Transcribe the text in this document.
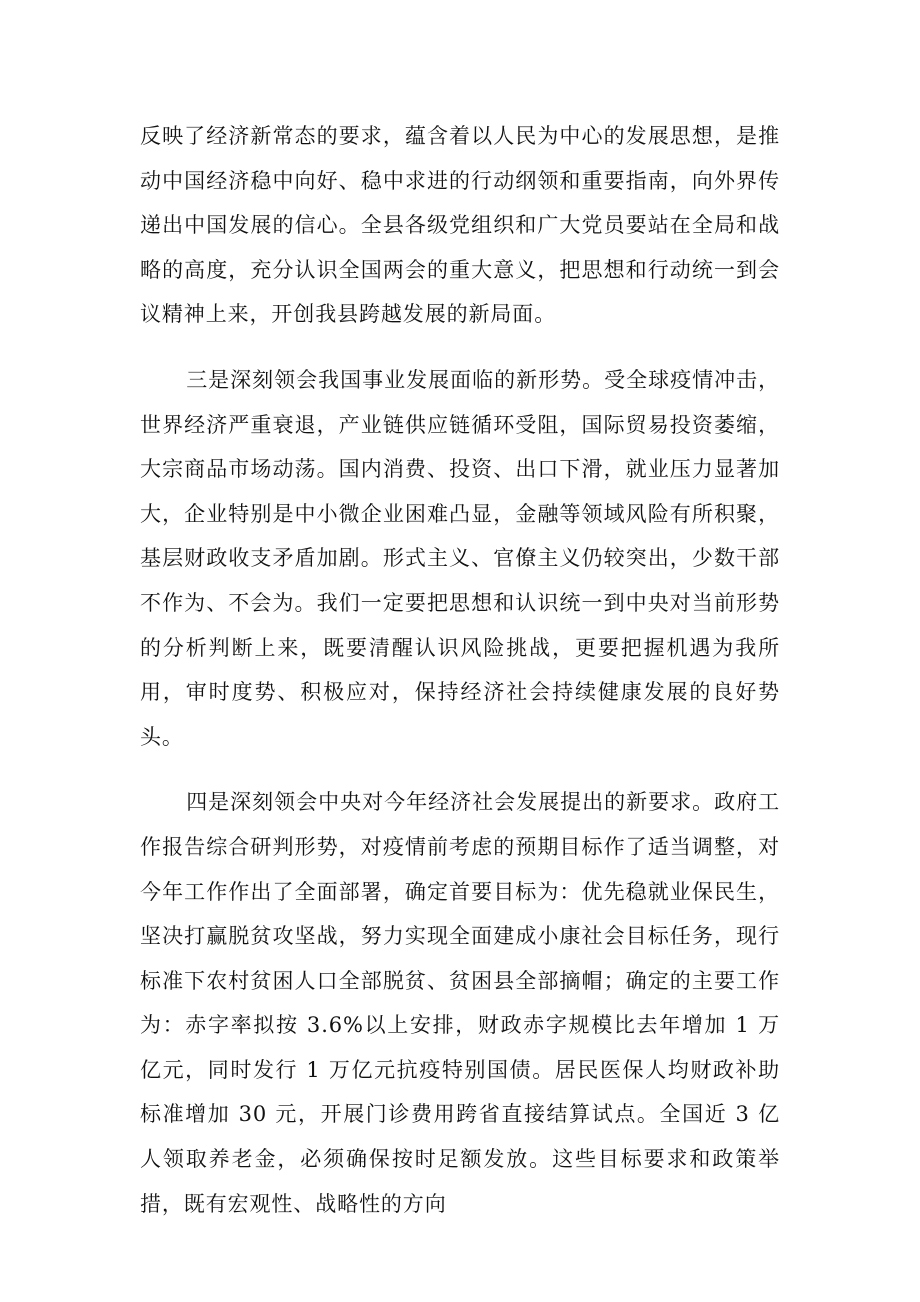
反映了经济新常态的要求，蕴含着以人民为中心的发展思想，是推动中国经济稳中向好、稳中求进的行动纲领和重要指南，向外界传递出中国发展的信心。全县各级党组织和广大党员要站在全局和战略的高度，充分认识全国两会的重大意义，把思想和行动统一到会议精神上来，开创我县跨越发展的新局面。

三是深刻领会我国事业发展面临的新形势。受全球疫情冲击，世界经济严重衰退，产业链供应链循环受阻，国际贸易投资萎缩，大宗商品市场动荡。国内消费、投资、出口下滑，就业压力显著加大，企业特别是中小微企业困难凸显，金融等领域风险有所积聚，基层财政收支矛盾加剧。形式主义、官僚主义仍较突出，少数干部不作为、不会为。我们一定要把思想和认识统一到中央对当前形势的分析判断上来，既要清醒认识风险挑战，更要把握机遇为我所用，审时度势、积极应对，保持经济社会持续健康发展的良好势头。

四是深刻领会中央对今年经济社会发展提出的新要求。政府工作报告综合研判形势，对疫情前考虑的预期目标作了适当调整，对今年工作作出了全面部署，确定首要目标为：优先稳就业保民生，坚决打赢脱贫攻坚战，努力实现全面建成小康社会目标任务，现行标准下农村贫困人口全部脱贫、贫困县全部摘帽；确定的主要工作为：赤字率拟按 3.6%以上安排，财政赤字规模比去年增加 1 万亿元，同时发行 1 万亿元抗疫特别国债。居民医保人均财政补助标准增加 30 元，开展门诊费用跨省直接结算试点。全国近 3 亿人领取养老金，必须确保按时足额发放。这些目标要求和政策举措，既有宏观性、战略性的方向
